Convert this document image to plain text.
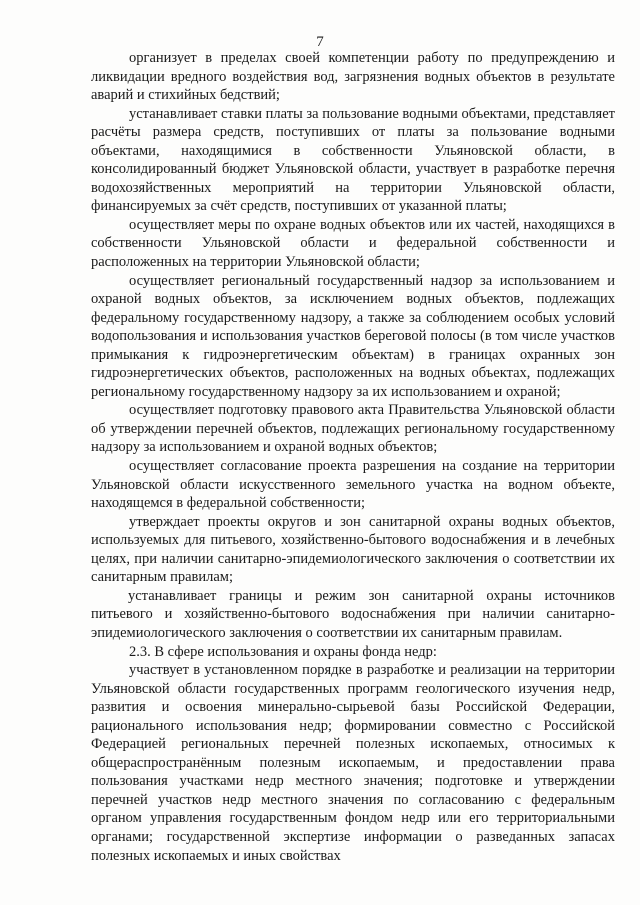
7

организует в пределах своей компетенции работу по предупреждению и ликвидации вредного воздействия вод, загрязнения водных объектов в результате аварий и стихийных бедствий;

устанавливает ставки платы за пользование водными объектами, представляет расчёты размера средств, поступивших от платы за пользование водными объектами, находящимися в собственности Ульяновской области, в консолидированный бюджет Ульяновской области, участвует в разработке перечня водохозяйственных мероприятий на территории Ульяновской области, финансируемых за счёт средств, поступивших от указанной платы;

осуществляет меры по охране водных объектов или их частей, находящихся в собственности Ульяновской области и федеральной собственности и расположенных на территории Ульяновской области;

осуществляет региональный государственный надзор за использованием и охраной водных объектов, за исключением водных объектов, подлежащих федеральному государственному надзору, а также за соблюдением особых условий водопользования и использования участков береговой полосы (в том числе участков примыкания к гидроэнергетическим объектам) в границах охранных зон гидроэнергетических объектов, расположенных на водных объектах, подлежащих региональному государственному надзору за их использованием и охраной;

осуществляет подготовку правового акта Правительства Ульяновской области об утверждении перечней объектов, подлежащих региональному государственному надзору за использованием и охраной водных объектов;

осуществляет согласование проекта разрешения на создание на территории Ульяновской области искусственного земельного участка на водном объекте, находящемся в федеральной собственности;

утверждает проекты округов и зон санитарной охраны водных объектов, используемых для питьевого, хозяйственно-бытового водоснабжения и в лечебных целях, при наличии санитарно-эпидемиологического заключения о соответствии их санитарным правилам;

устанавливает границы и режим зон санитарной охраны источников питьевого и хозяйственно-бытового водоснабжения при наличии санитарно-эпидемиологического заключения о соответствии их санитарным правилам.

2.3. В сфере использования и охраны фонда недр:

участвует в установленном порядке в разработке и реализации на территории Ульяновской области государственных программ геологического изучения недр, развития и освоения минерально-сырьевой базы Российской Федерации, рационального использования недр; формировании совместно с Российской Федерацией региональных перечней полезных ископаемых, относимых к общераспространённым полезным ископаемым, и предоставлении права пользования участками недр местного значения; подготовке и утверждении перечней участков недр местного значения по согласованию с федеральным органом управления государственным фондом недр или его территориальными органами; государственной экспертизе информации о разведанных запасах полезных ископаемых и иных свойствах
